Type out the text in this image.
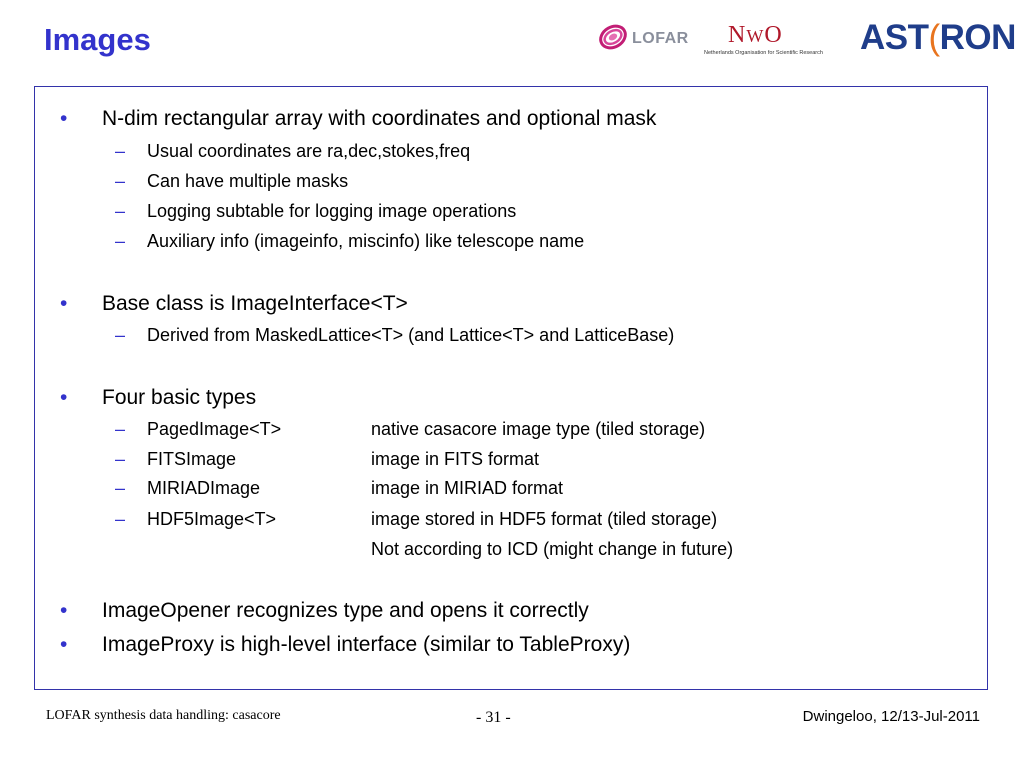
Images	LOFAR NWO
Netherlands Organisation for Scientific Research AST(RON
• N-dim rectangular array with coordinates and optional mask
– Usual coordinates are ra,dec,stokes,freq
– Can have multiple masks
– Logging subtable for logging image operations
– Auxiliary info (imageinfo, miscinfo) like telescope name
• Base class is ImageInterface<T>
– Derived from MaskedLattice<T> (and Lattice<T> and LatticeBase)
• Four basic types
– PagedImage<T>	native casacore image type (tiled storage)
– FITSImage	image in FITS format
– MIRIADImage	image in MIRIAD format
– HDF5Image<T>	image stored in HDF5 format (tiled storage)
Not according to ICD (might change in future)
• ImageOpener recognizes type and opens it correctly
• ImageProxy is high-level interface (similar to TableProxy)
LOFAR synthesis data handling: casacore	- 31 -	Dwingeloo, 12/13-Jul-2011
